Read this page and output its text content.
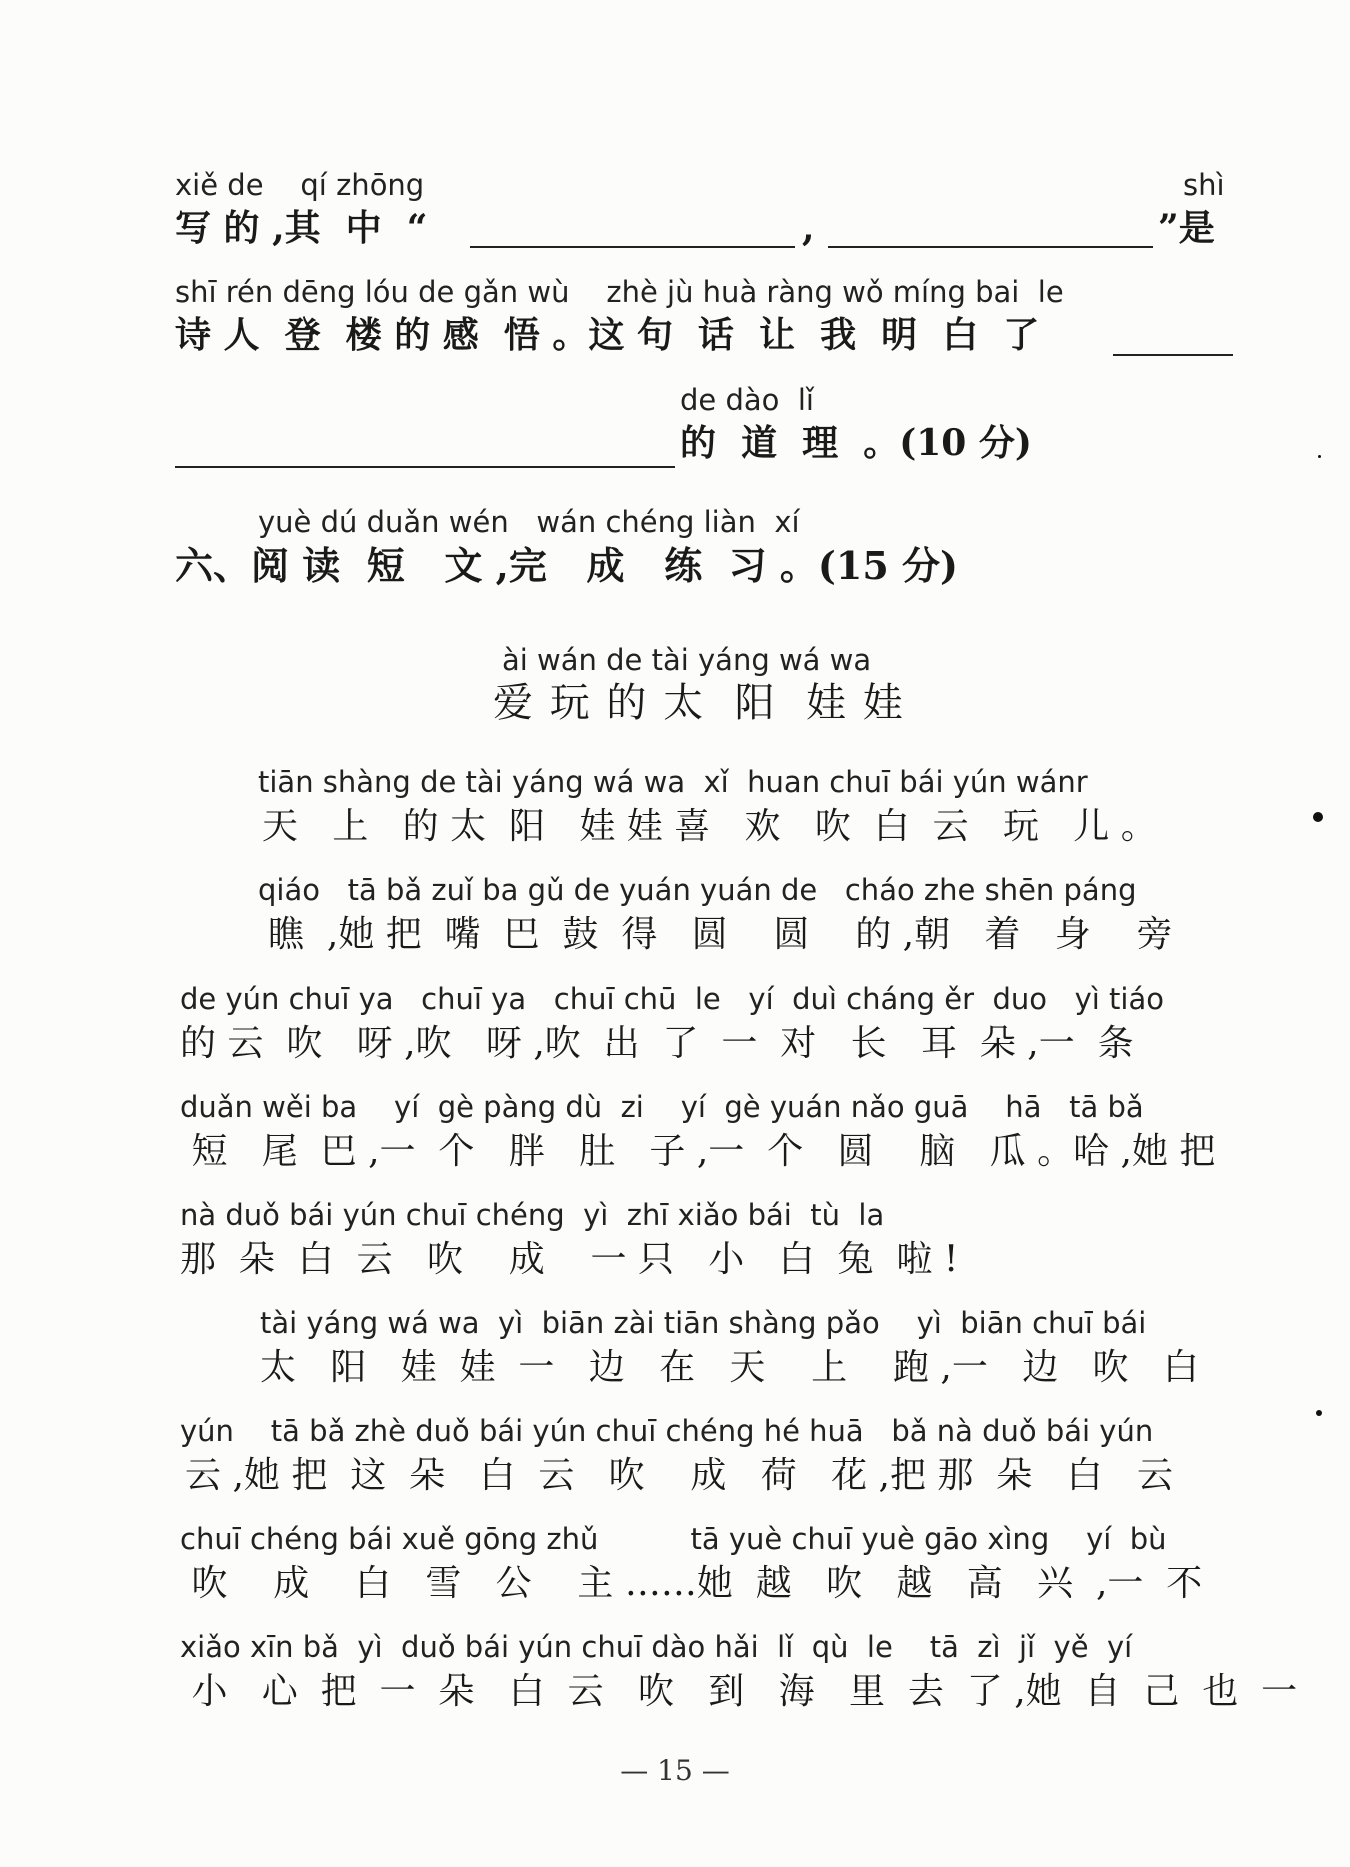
xiě de    qí zhōng	shì
写 的 ,其  中  “	,	”是
shī rén dēng lóu de gǎn wù    zhè jù huà ràng wǒ míng bai  le
诗 人  登  楼 的 感  悟 。这 句  话  让  我  明  白  了
de dào  lǐ
的  道  理  。(10 分)
yuè dú duǎn wén   wán chéng liàn  xí
六、阅 读  短   文 ,完   成   练  习 。(15 分)
ài wán de tài yáng wá wa
爱 玩 的 太  阳  娃 娃
tiān shàng de tài yáng wá wa  xǐ  huan chuī bái yún wánr
天   上   的 太  阳   娃 娃 喜   欢   吹  白  云   玩   儿 。
qiáo   tā bǎ zuǐ ba gǔ de yuán yuán de   cháo zhe shēn páng
瞧  ,她 把  嘴  巴  鼓  得   圆    圆    的 ,朝   着   身    旁
de yún chuī ya   chuī ya   chuī chū  le   yí  duì cháng ěr  duo   yì tiáo
的 云  吹   呀 ,吹   呀 ,吹  出  了  一  对   长   耳  朵 ,一  条
duǎn wěi ba    yí  gè pàng dù  zi    yí  gè yuán nǎo guā    hā   tā bǎ
短   尾  巴 ,一  个   胖   肚   子 ,一  个   圆    脑   瓜 。哈 ,她 把
nà duǒ bái yún chuī chéng  yì  zhī xiǎo bái  tù  la
那  朵  白  云   吹    成    一 只   小   白  兔  啦 !
tài yáng wá wa  yì  biān zài tiān shàng pǎo    yì  biān chuī bái
太   阳   娃  娃  一   边   在   天    上    跑 ,一   边   吹   白
yún    tā bǎ zhè duǒ bái yún chuī chéng hé huā   bǎ nà duǒ bái yún
云 ,她 把  这  朵   白  云   吹    成   荷   花 ,把 那  朵   白   云
chuī chéng bái xuě gōng zhǔ          tā yuè chuī yuè gāo xìng    yí  bù
吹    成    白   雪   公    主 ……她  越   吹   越   高   兴  ,一  不
xiǎo xīn bǎ  yì  duǒ bái yún chuī dào hǎi  lǐ  qù  le    tā  zì  jǐ  yě  yí
小   心  把  一  朵   白  云   吹   到   海   里  去  了 ,她  自  己  也  一
— 15 —
